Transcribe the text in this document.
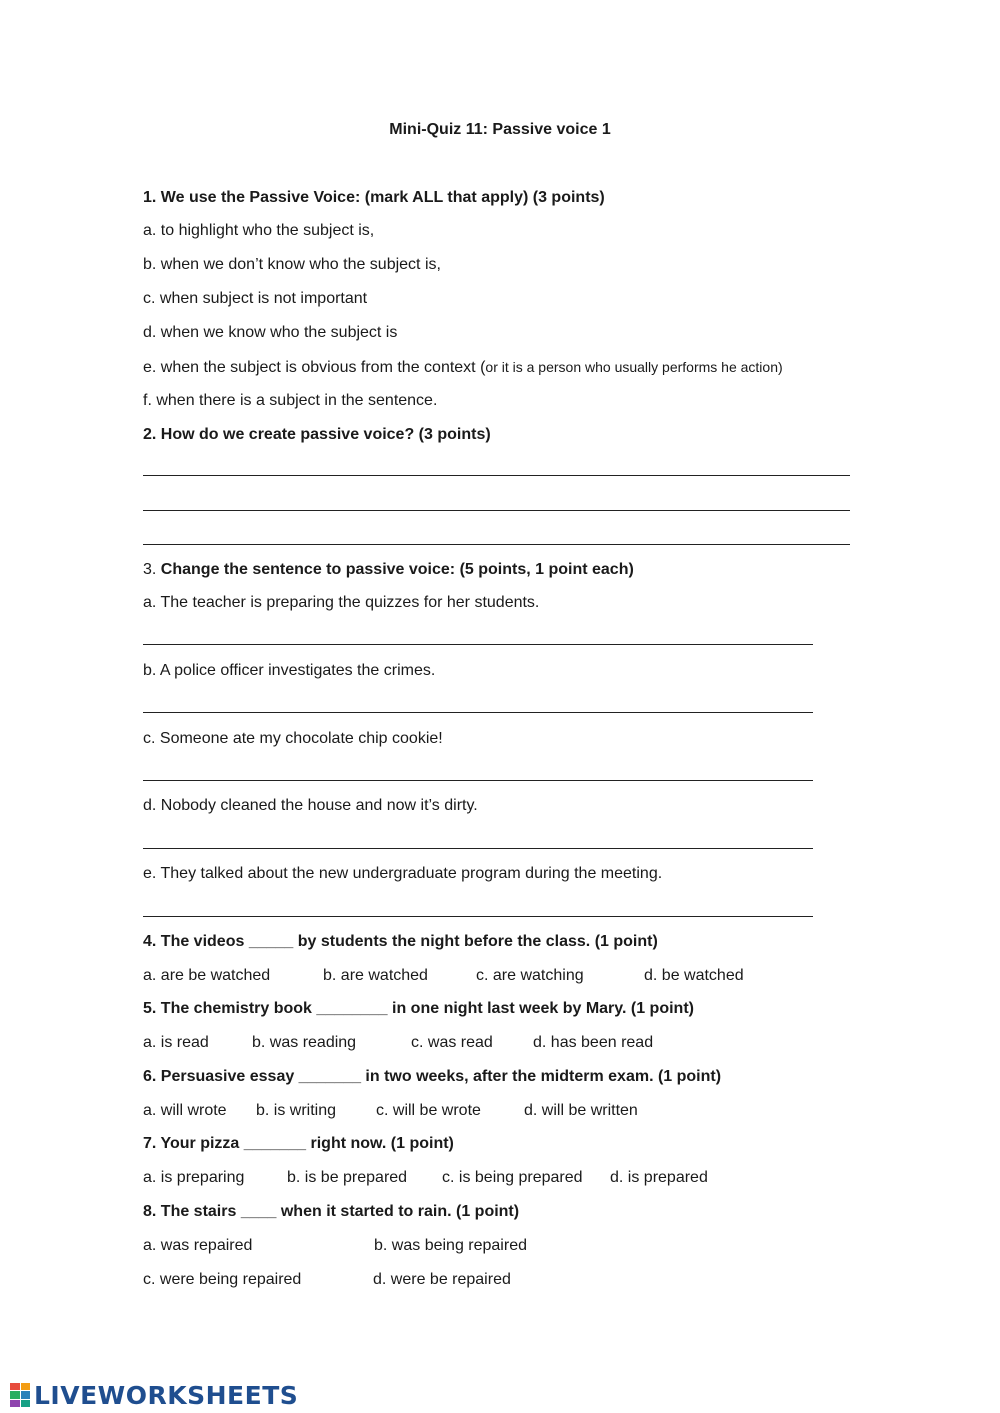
Mini-Quiz 11: Passive voice 1
1. We use the Passive Voice: (mark ALL that apply) (3 points)
a. to highlight who the subject is,
b. when we don’t know who the subject is,
c. when subject is not important
d. when we know who the subject is
e. when the subject is obvious from the context (or it is a person who usually performs he action)
f. when there is a subject in the sentence.
2. How do we create passive voice? (3 points)
3. Change the sentence to passive voice: (5 points, 1 point each)
a. The teacher is preparing the quizzes for her students.
b. A police officer investigates the crimes.
c. Someone ate my chocolate chip cookie!
d. Nobody cleaned the house and now it’s dirty.
e. They talked about the new undergraduate program during the meeting.
4. The videos _____ by students the night before the class. (1 point)
a. are be watched	b. are watched	c. are watching	d. be watched
5. The chemistry book ________ in one night last week by Mary. (1 point)
a. is read	b. was reading	c. was read	d. has been read
6. Persuasive essay _______ in two weeks, after the midterm exam. (1 point)
a. will wrote b. is writing c. will be wrote	d. will be written
7. Your pizza _______ right now. (1 point)
a. is preparing	b. is be prepared c. is being prepared d. is prepared
8. The stairs ____ when it started to rain. (1 point)
a. was repaired	b. was being repaired
c. were being repaired	d. were be repaired
LIVEWORKSHEETS
